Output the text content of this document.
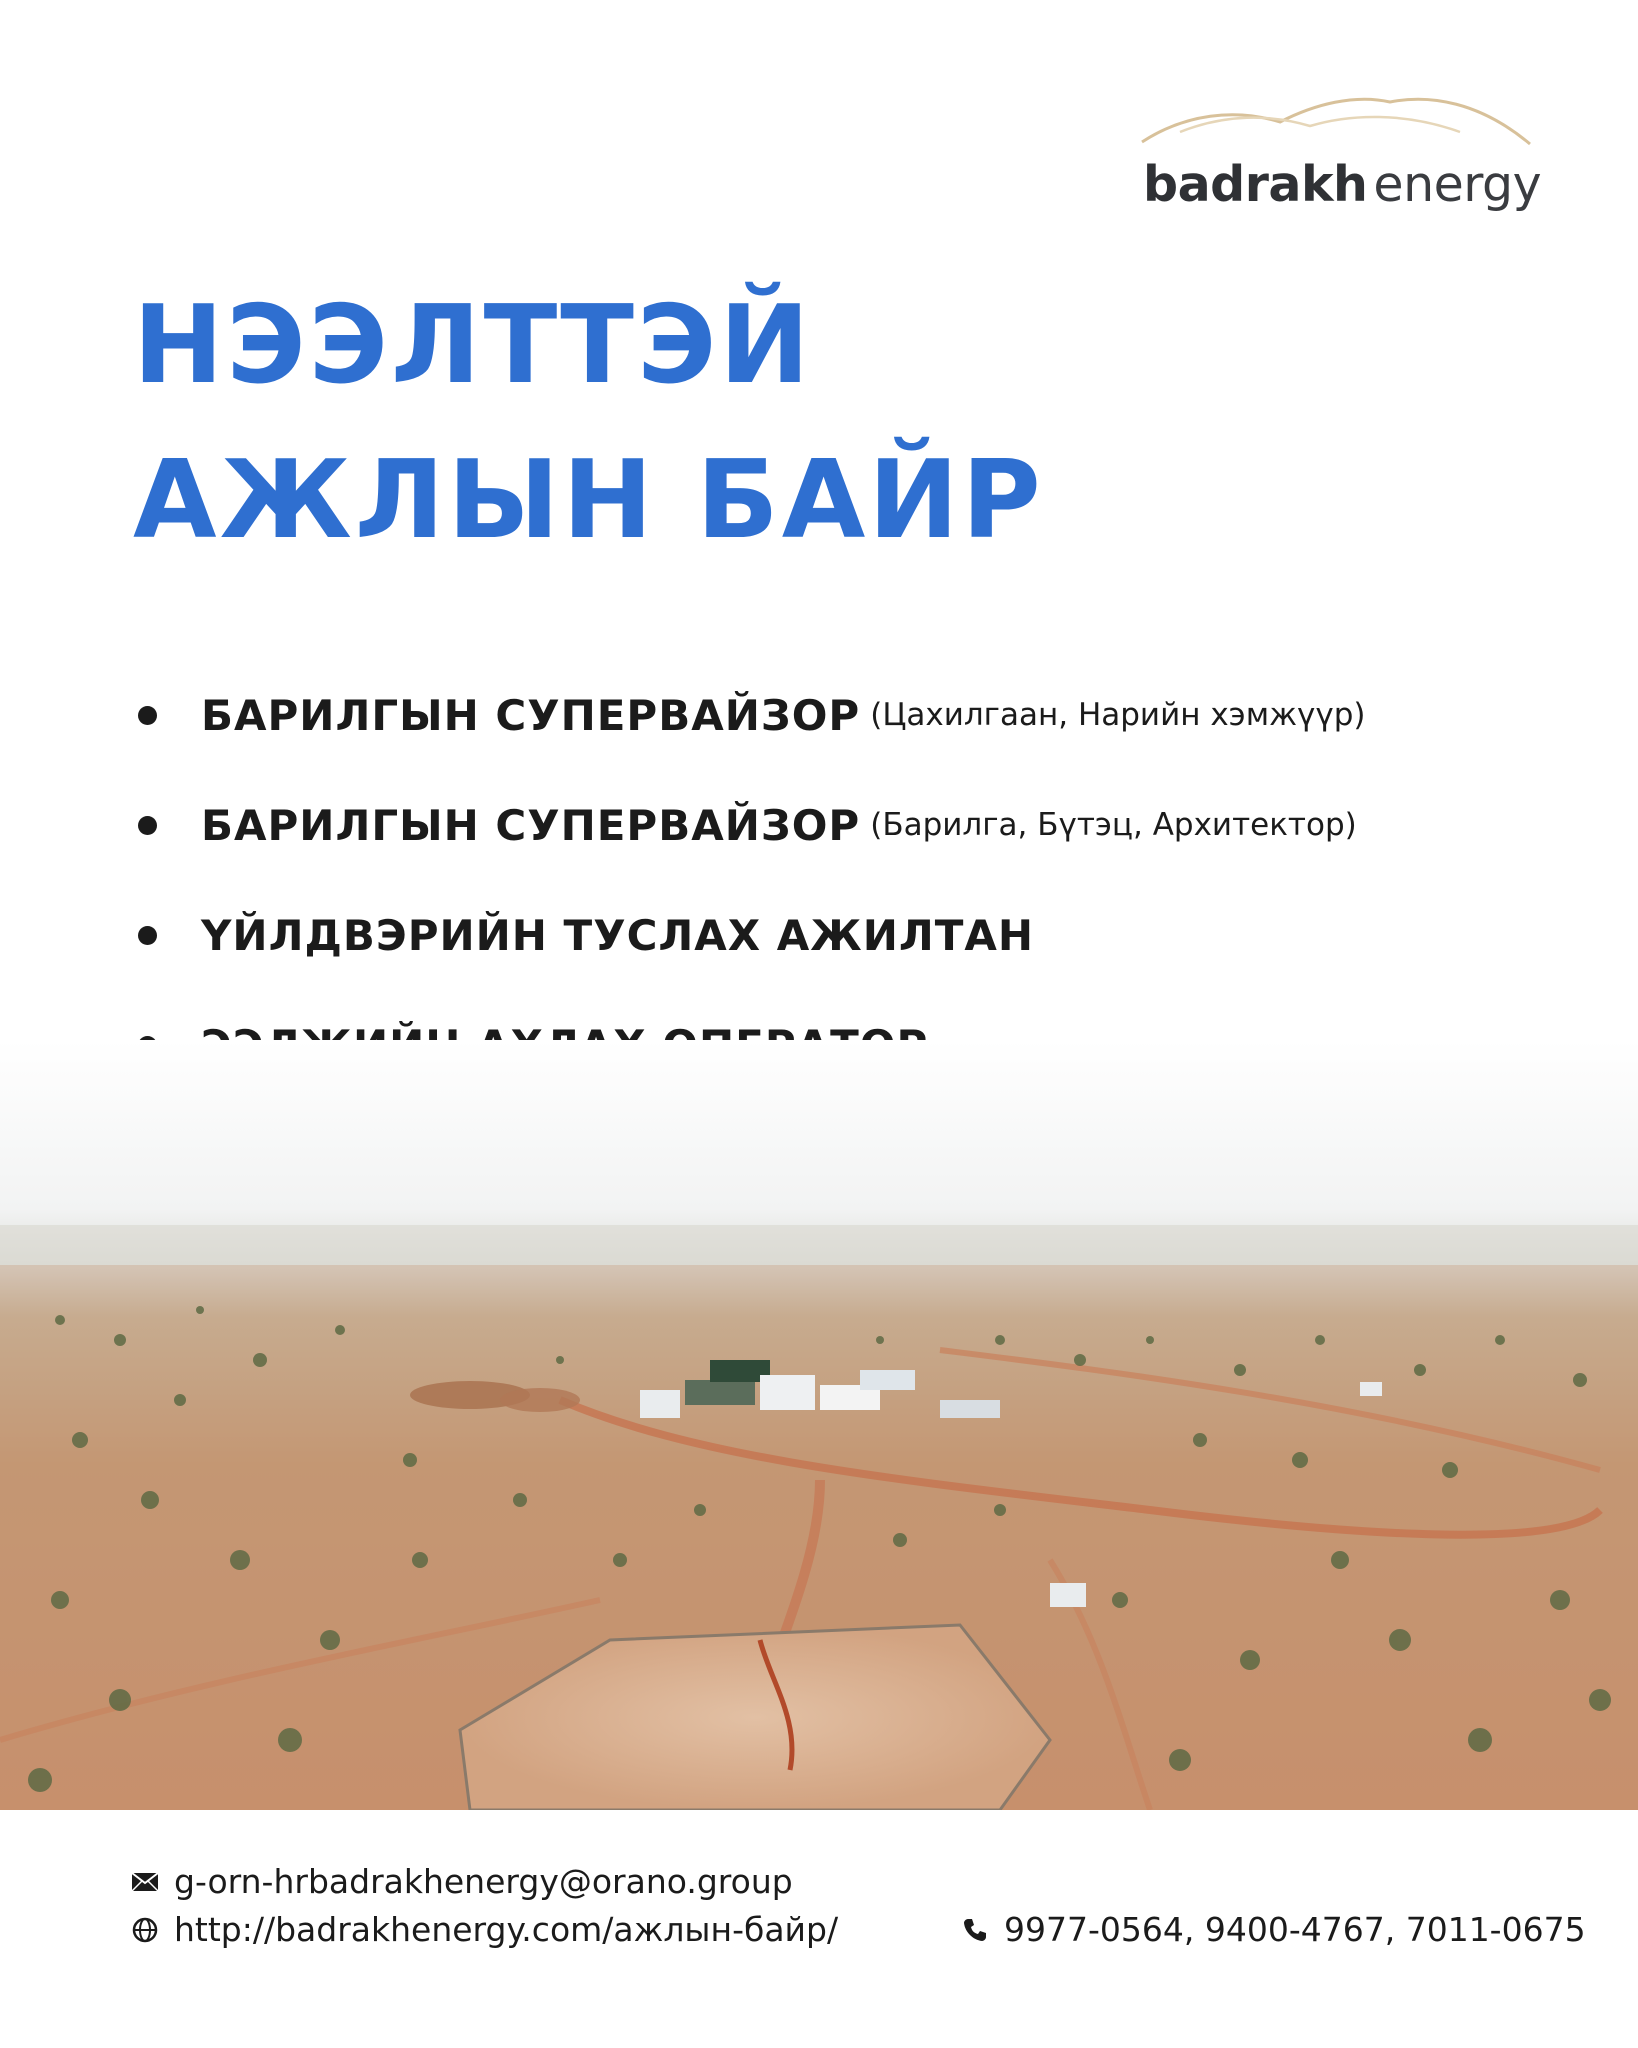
badrakh energy
НЭЭЛТТЭЙ
АЖЛЫН БАЙР
БАРИЛГЫН СУПЕРВАЙЗОР (Цахилгаан, Нарийн хэмжүүр)
БАРИЛГЫН СУПЕРВАЙЗОР (Барилга, Бүтэц, Архитектор)
ҮЙЛДВЭРИЙН ТУСЛАХ АЖИЛТАН
g-orn-hrbadrakhenergy@orano.group
http://badrakhenergy.com/ажлын-байр/	9977-0564, 9400-4767, 7011-0675
